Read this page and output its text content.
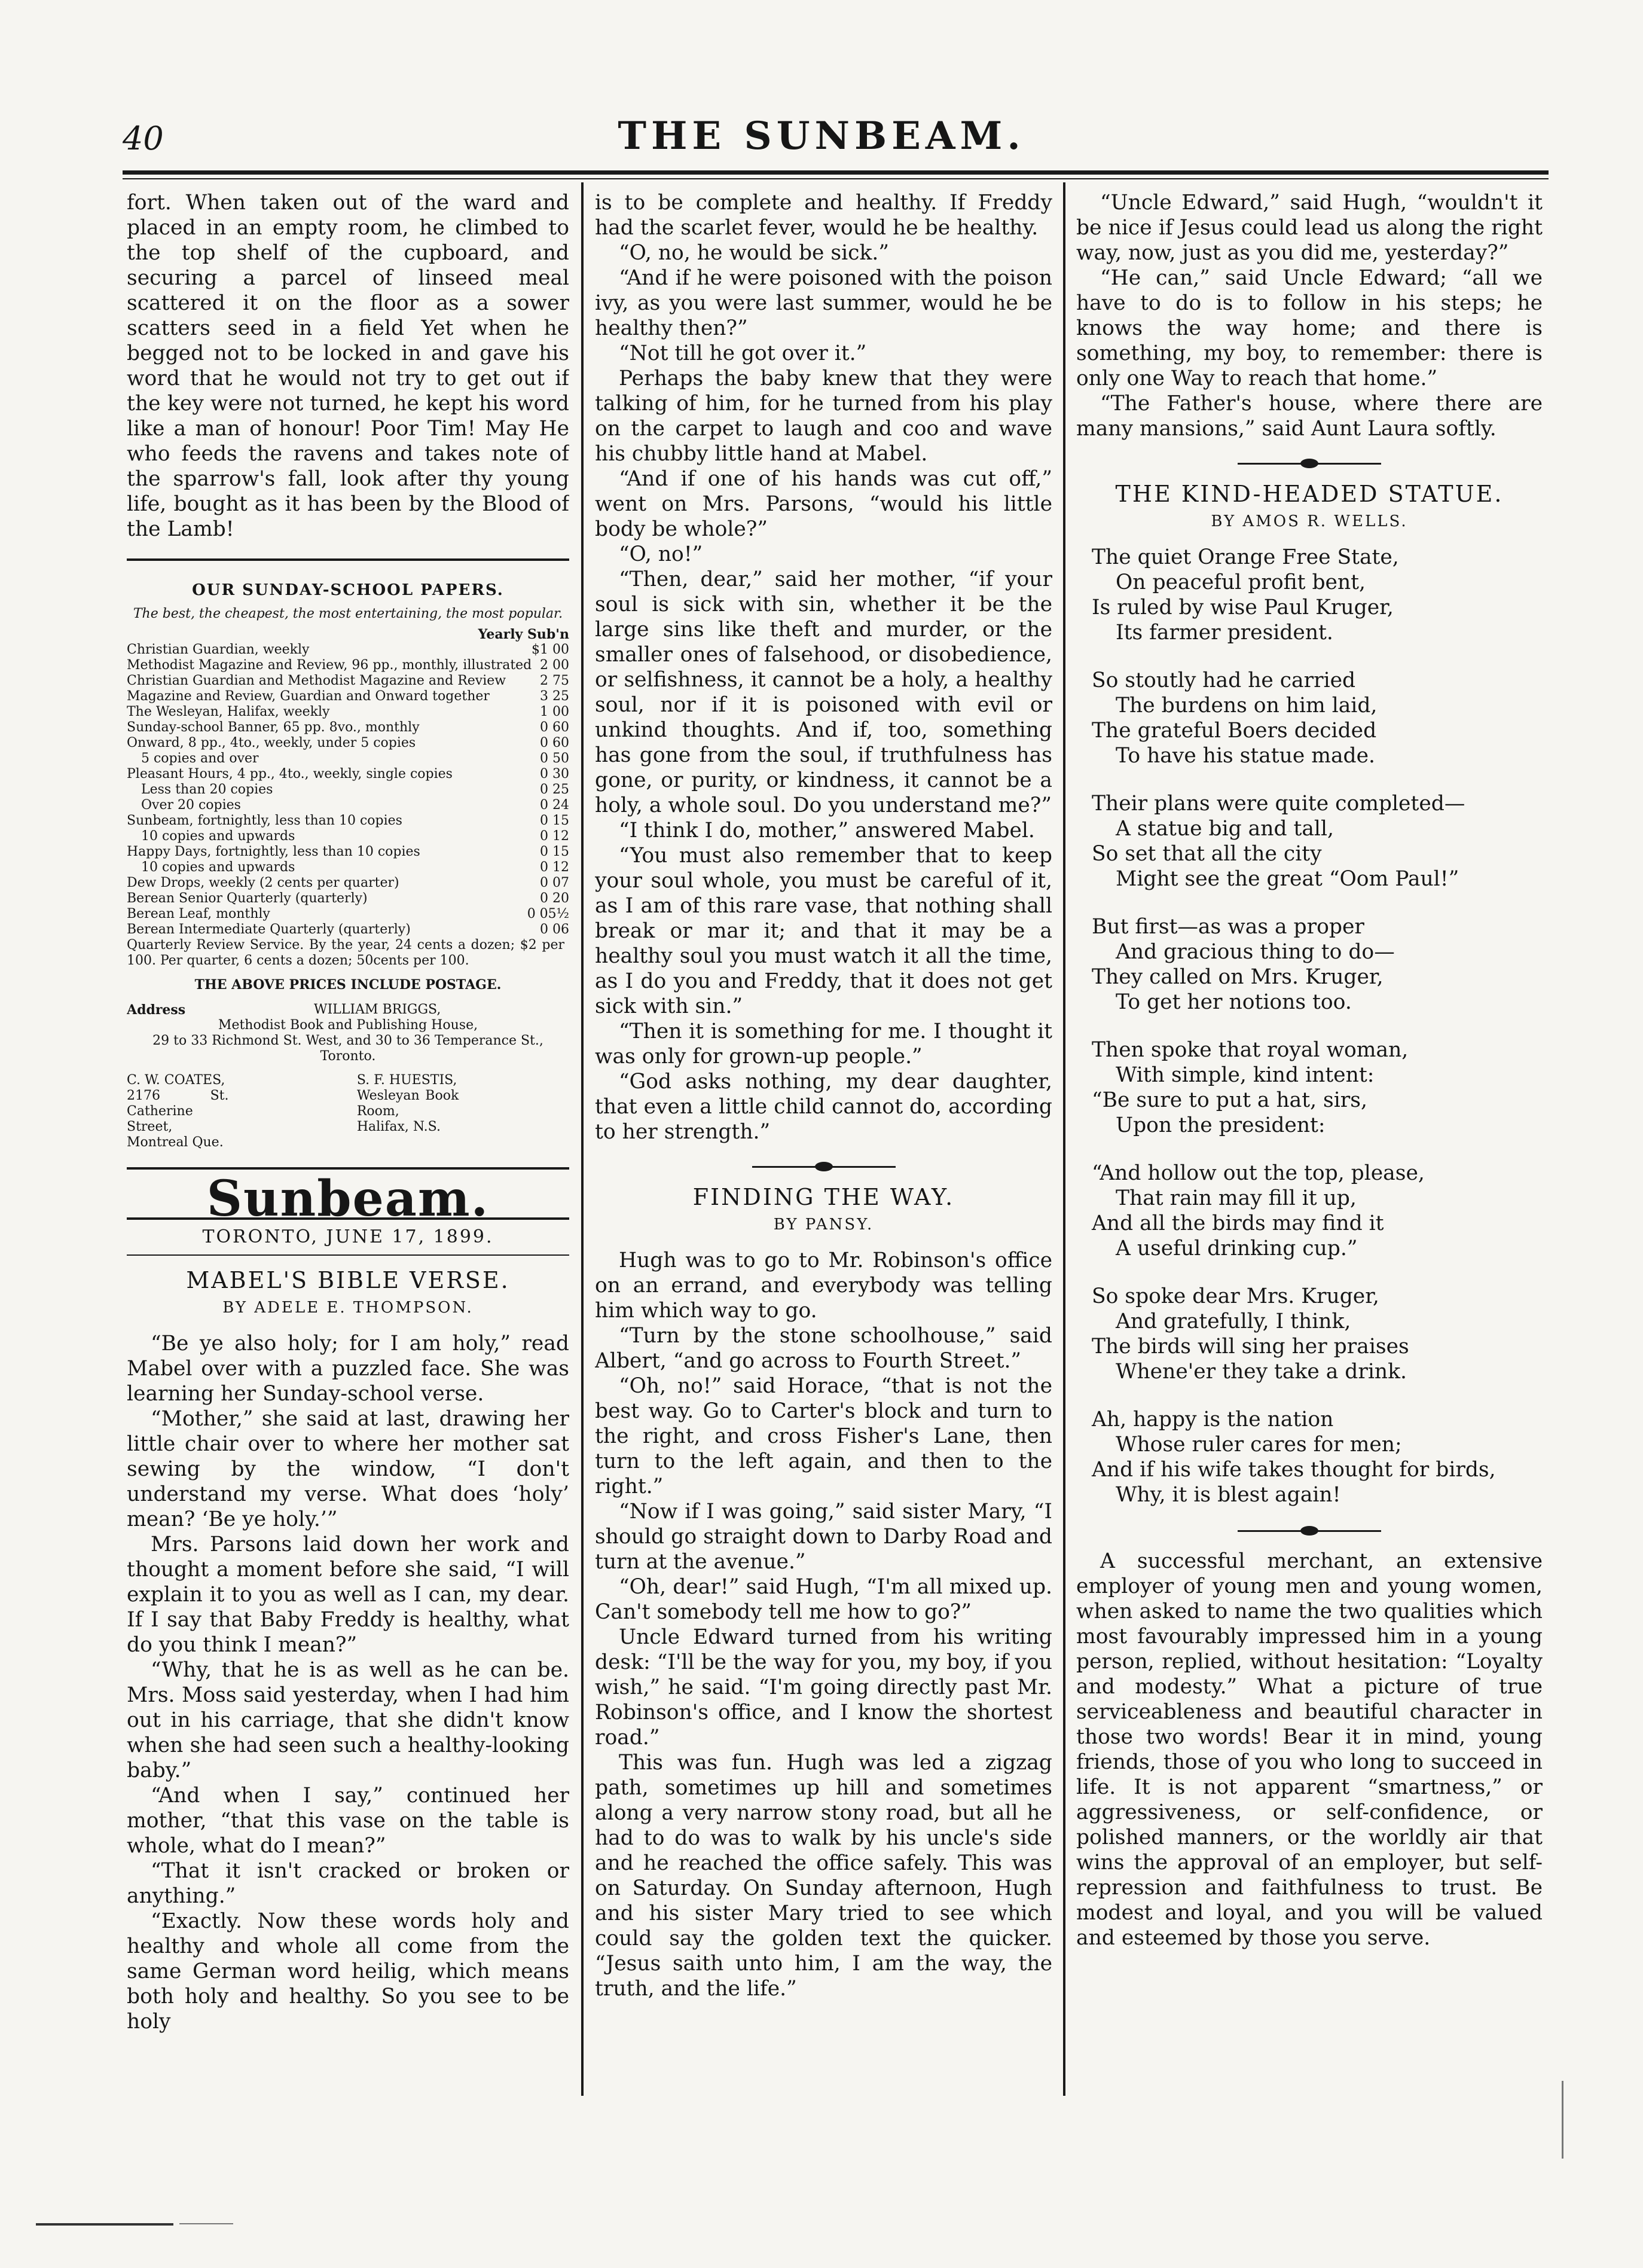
40	THE SUNBEAM.

fort. When taken out of the ward and placed in an empty room, he climbed to the top shelf of the cupboard, and securing a parcel of linseed meal scattered it on the floor as a sower scatters seed in a field Yet when he begged not to be locked in and gave his word that he would not try to get out if the key were not turned, he kept his word like a man of honour! Poor Tim! May He who feeds the ravens and takes note of the sparrow's fall, look after thy young life, bought as it has been by the Blood of the Lamb!

OUR SUNDAY-SCHOOL PAPERS.
The best, the cheapest, the most entertaining, the most popular.
Yearly Sub'n
Christian Guardian, weekly	$1 00
Methodist Magazine and Review, 96 pp., monthly, illustrated 2 00
Christian Guardian and Methodist Magazine and Review	2 75
Magazine and Review, Guardian and Onward together	3 25
The Wesleyan, Halifax, weekly	1 00
Sunday-school Banner, 65 pp. 8vo., monthly	0 60
Onward, 8 pp., 4to., weekly, under 5 copies	0 60
5 copies and over	0 50
Pleasant Hours, 4 pp., 4to., weekly, single copies	0 30
Less than 20 copies	0 25
Over 20 copies	0 24
Sunbeam, fortnightly, less than 10 copies	0 15
10 copies and upwards	0 12
Happy Days, fortnightly, less than 10 copies	0 15
10 copies and upwards	0 12
Dew Drops, weekly (2 cents per quarter)	0 07
Berean Senior Quarterly (quarterly)	0 20
Berean Leaf, monthly	0 05½
Berean Intermediate Quarterly (quarterly)	0 06
Quarterly Review Service. By the year, 24 cents a dozen; $2 per 100. Per quarter, 6 cents a dozen; 50cents per 100.
THE ABOVE PRICES INCLUDE POSTAGE.
Address	WILLIAM BRIGGS,
Methodist Book and Publishing House,
29 to 33 Richmond St. West, and 30 to 36 Temperance St.,
Toronto.
C. W. COATES,
2176 St. Catherine Street,
Montreal Que.
S. F. HUESTIS,
Wesleyan Book Room,
Halifax, N.S.
Sunbeam.
TORONTO, JUNE 17, 1899.
MABEL'S BIBLE VERSE.
BY ADELE E. THOMPSON.

“Be ye also holy; for I am holy,” read Mabel over with a puzzled face. She was learning her Sunday-school verse.

“Mother,” she said at last, drawing her little chair over to where her mother sat sewing by the window, “I don't understand my verse. What does ‘holy’ mean? ‘Be ye holy.’”

Mrs. Parsons laid down her work and thought a moment before she said, “I will explain it to you as well as I can, my dear. If I say that Baby Freddy is healthy, what do you think I mean?”

“Why, that he is as well as he can be. Mrs. Moss said yesterday, when I had him out in his carriage, that she didn't know when she had seen such a healthy-looking baby.”

“And when I say,” continued her mother, “that this vase on the table is whole, what do I mean?”

“That it isn't cracked or broken or anything.”

“Exactly. Now these words holy and healthy and whole all come from the same German word heilig, which means both holy and healthy. So you see to be holy

is to be complete and healthy. If Freddy had the scarlet fever, would he be healthy.

“O, no, he would be sick.”

“And if he were poisoned with the poison ivy, as you were last summer, would he be healthy then?”

“Not till he got over it.”

Perhaps the baby knew that they were talking of him, for he turned from his play on the carpet to laugh and coo and wave his chubby little hand at Mabel.

“And if one of his hands was cut off,” went on Mrs. Parsons, “would his little body be whole?”

“O, no!”

“Then, dear,” said her mother, “if your soul is sick with sin, whether it be the large sins like theft and murder, or the smaller ones of falsehood, or disobedience, or selfishness, it cannot be a holy, a healthy soul, nor if it is poisoned with evil or unkind thoughts. And if, too, something has gone from the soul, if truthfulness has gone, or purity, or kindness, it cannot be a holy, a whole soul. Do you understand me?”

“I think I do, mother,” answered Mabel.

“You must also remember that to keep your soul whole, you must be careful of it, as I am of this rare vase, that nothing shall break or mar it; and that it may be a healthy soul you must watch it all the time, as I do you and Freddy, that it does not get sick with sin.”

“Then it is something for me. I thought it was only for grown-up people.”

“God asks nothing, my dear daughter, that even a little child cannot do, according to her strength.”

FINDING THE WAY.
BY PANSY.

Hugh was to go to Mr. Robinson's office on an errand, and everybody was telling him which way to go.

“Turn by the stone schoolhouse,” said Albert, “and go across to Fourth Street.”

“Oh, no!” said Horace, “that is not the best way. Go to Carter's block and turn to the right, and cross Fisher's Lane, then turn to the left again, and then to the right.”

“Now if I was going,” said sister Mary, “I should go straight down to Darby Road and turn at the avenue.”

“Oh, dear!” said Hugh, “I'm all mixed up. Can't somebody tell me how to go?”

Uncle Edward turned from his writing desk: “I'll be the way for you, my boy, if you wish,” he said. “I'm going directly past Mr. Robinson's office, and I know the shortest road.”

This was fun. Hugh was led a zigzag path, sometimes up hill and sometimes along a very narrow stony road, but all he had to do was to walk by his uncle's side and he reached the office safely. This was on Saturday. On Sunday afternoon, Hugh and his sister Mary tried to see which could say the golden text the quicker. “Jesus saith unto him, I am the way, the truth, and the life.”

“Uncle Edward,” said Hugh, “wouldn't it be nice if Jesus could lead us along the right way, now, just as you did me, yesterday?”

“He can,” said Uncle Edward; “all we have to do is to follow in his steps; he knows the way home; and there is something, my boy, to remember: there is only one Way to reach that home.”

“The Father's house, where there are many mansions,” said Aunt Laura softly.

THE KIND-HEADED STATUE.
BY AMOS R. WELLS.
The quiet Orange Free State,
On peaceful profit bent,
Is ruled by wise Paul Kruger,
Its farmer president.
So stoutly had he carried
The burdens on him laid,
The grateful Boers decided
To have his statue made.
Their plans were quite completed—
A statue big and tall,
So set that all the city
Might see the great “Oom Paul!”
But first—as was a proper
And gracious thing to do—
They called on Mrs. Kruger,
To get her notions too.
Then spoke that royal woman,
With simple, kind intent:
“Be sure to put a hat, sirs,
Upon the president:
“And hollow out the top, please,
That rain may fill it up,
And all the birds may find it
A useful drinking cup.”
So spoke dear Mrs. Kruger,
And gratefully, I think,
The birds will sing her praises
Whene'er they take a drink.
Ah, happy is the nation
Whose ruler cares for men;
And if his wife takes thought for birds,
Why, it is blest again!

A successful merchant, an extensive employer of young men and young women, when asked to name the two qualities which most favourably impressed him in a young person, replied, without hesitation: “Loyalty and modesty.” What a picture of true serviceableness and beautiful character in those two words! Bear it in mind, young friends, those of you who long to succeed in life. It is not apparent “smartness,” or aggressiveness, or self-confidence, or polished manners, or the worldly air that wins the approval of an employer, but self-repression and faithfulness to trust. Be modest and loyal, and you will be valued and esteemed by those you serve.
